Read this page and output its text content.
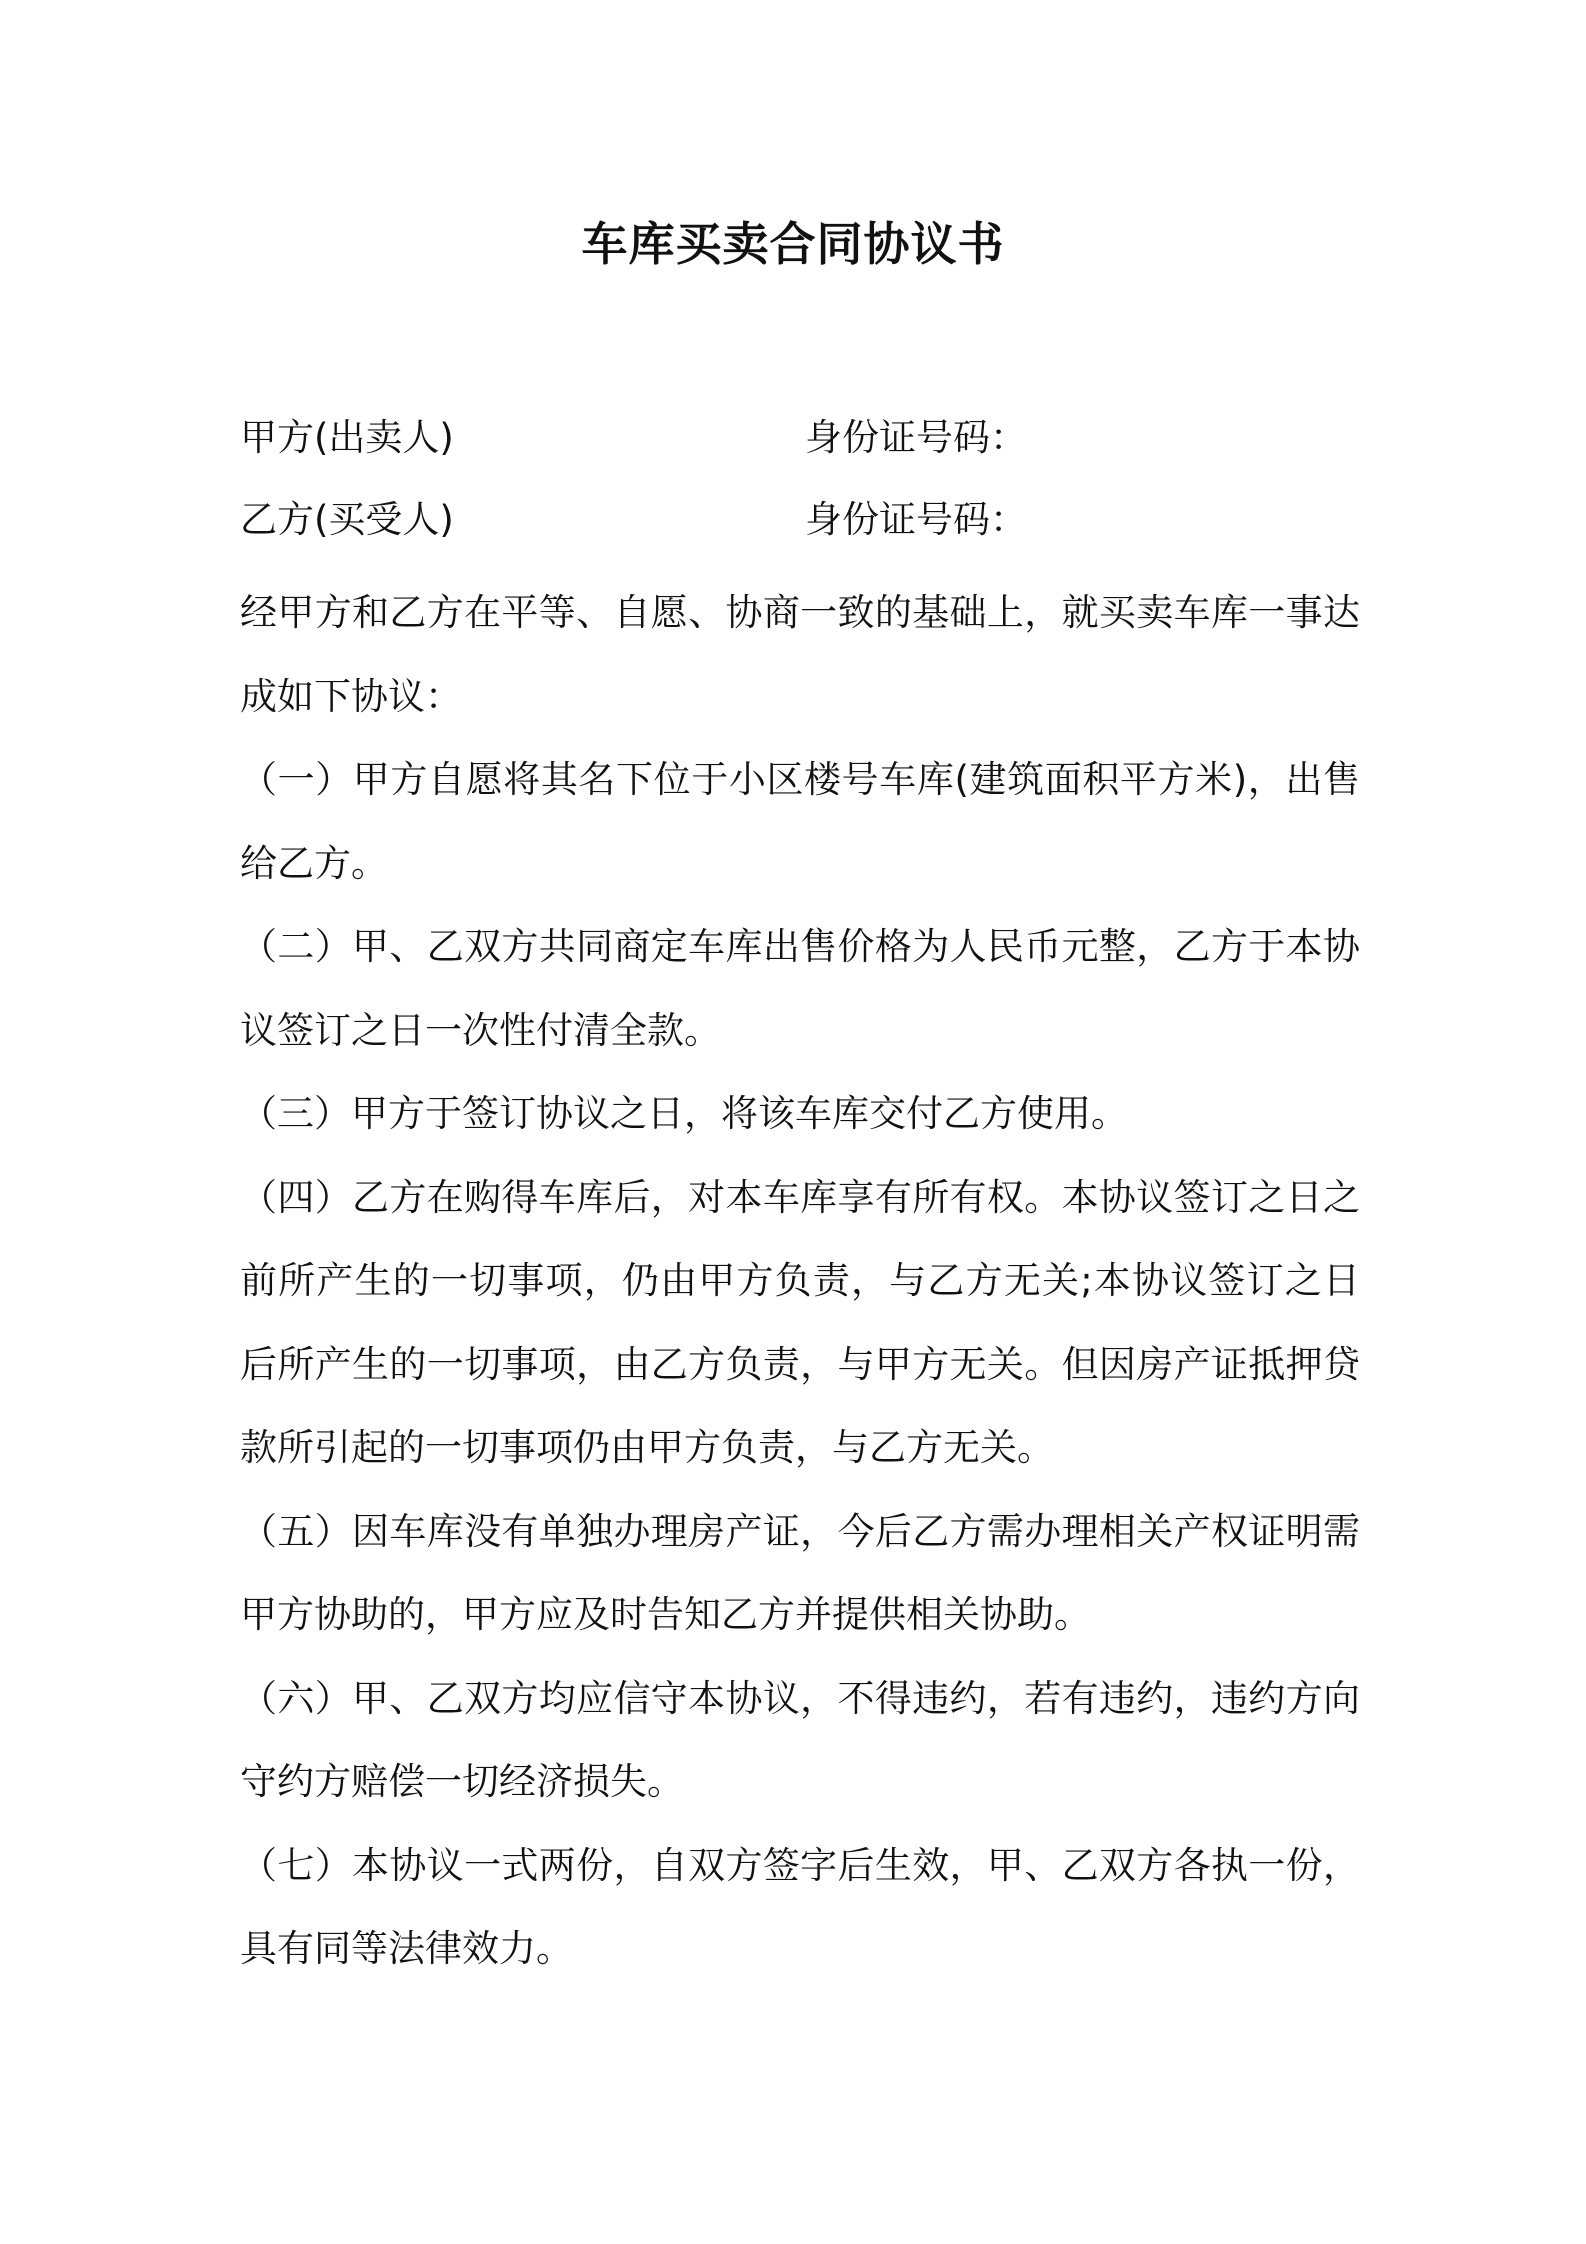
车库买卖合同协议书
甲方(出卖人)	身份证号码：
乙方(买受人)	身份证号码：

经甲方和乙方在平等、自愿、协商一致的基础上，就买卖车库一事达成如下协议：

（一）甲方自愿将其名下位于小区楼号车库(建筑面积平方米)，出售给乙方。

（二）甲、乙双方共同商定车库出售价格为人民币元整，乙方于本协议签订之日一次性付清全款。

（三）甲方于签订协议之日，将该车库交付乙方使用。

（四）乙方在购得车库后，对本车库享有所有权。本协议签订之日之前所产生的一切事项，仍由甲方负责，与乙方无关;本协议签订之日后所产生的一切事项，由乙方负责，与甲方无关。但因房产证抵押贷款所引起的一切事项仍由甲方负责，与乙方无关。

（五）因车库没有单独办理房产证，今后乙方需办理相关产权证明需甲方协助的，甲方应及时告知乙方并提供相关协助。

（六）甲、乙双方均应信守本协议，不得违约，若有违约，违约方向守约方赔偿一切经济损失。

（七）本协议一式两份，自双方签字后生效，甲、乙双方各执一份，具有同等法律效力。
